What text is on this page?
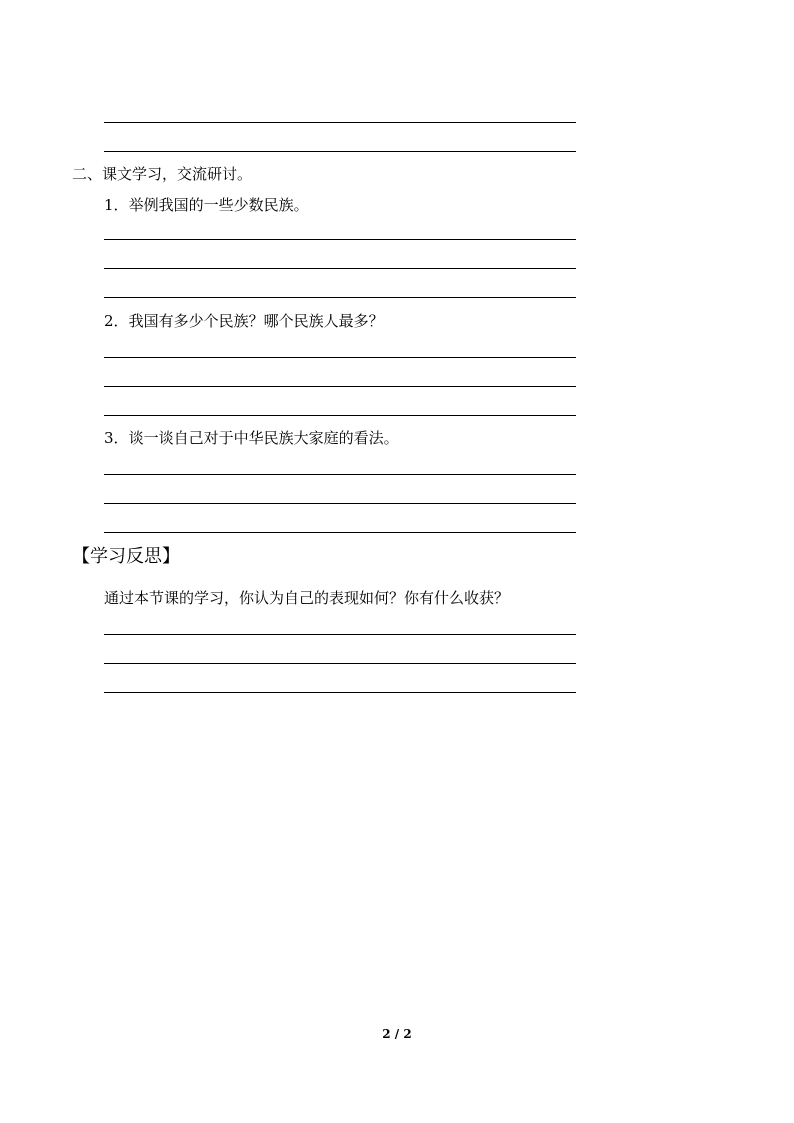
二、课文学习，交流研讨。
1．举例我国的一些少数民族。
2．我国有多少个民族？哪个民族人最多？
3．谈一谈自己对于中华民族大家庭的看法。
【学习反思】
通过本节课的学习，你认为自己的表现如何？你有什么收获？
2 / 2
